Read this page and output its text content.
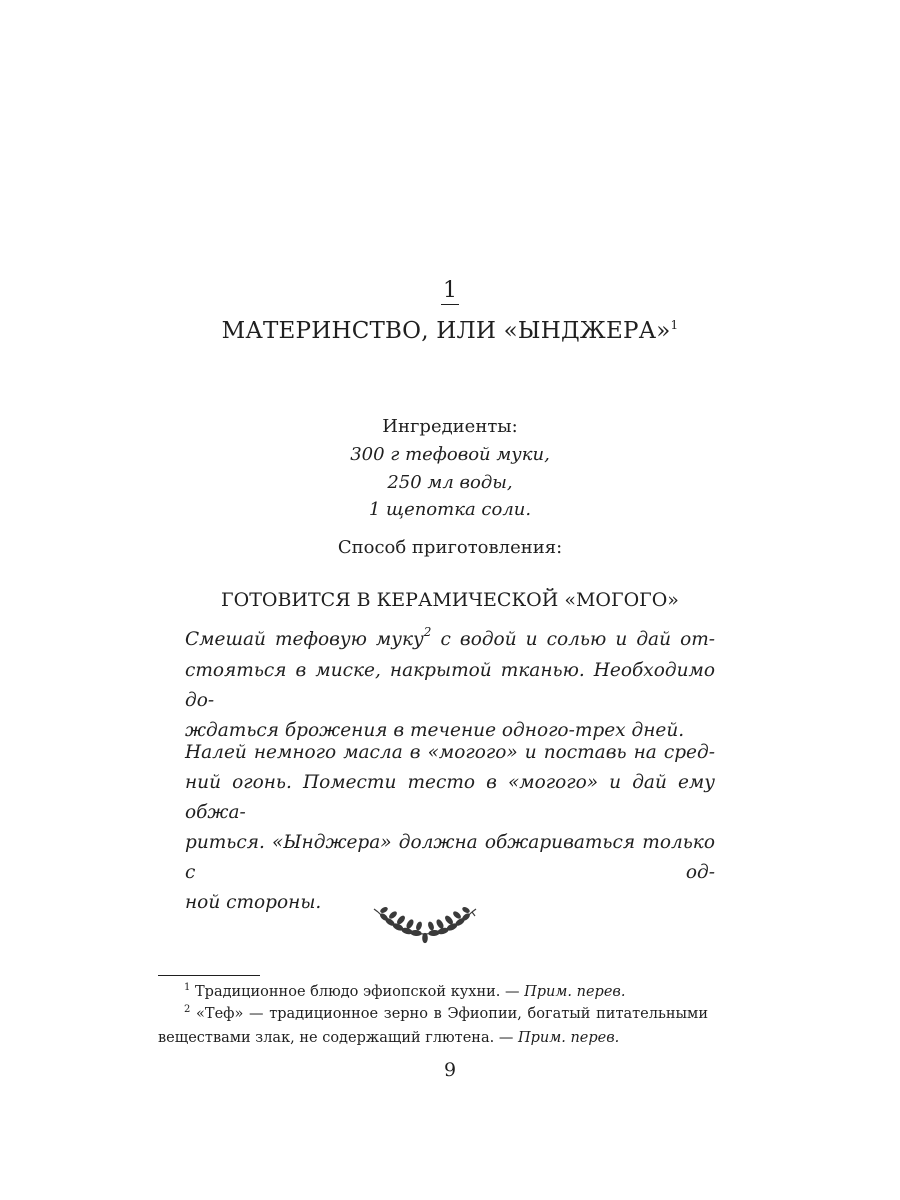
1
МАТЕРИНСТВО, ИЛИ «ЫНДЖЕРА»$^1$
Ингредиенты:
300 г тефовой муки,
250 мл воды,
1 щепотка соли.
Способ приготовления:
ГОТОВИТСЯ В КЕРАМИЧЕСКОЙ «МОГОГО»
Смешай тефовую муку$^2$ с водой и солью и дай от-
стояться в миске, накрытой тканью. Необходимо до-
ждаться брожения в течение одного-трех дней.
Налей немного масла в «могого» и поставь на сред-
ний огонь. Помести тесто в «могого» и дай ему обжа-
риться. «Ынджера» должна обжариваться только с од-
ной стороны.
$^1$ Традиционное блюдо эфиопской кухни. — Прим. перев.
$^2$ «Теф» — традиционное зерно в Эфиопии, богатый питательными
веществами злак, не содержащий глютена. — Прим. перев.
9
